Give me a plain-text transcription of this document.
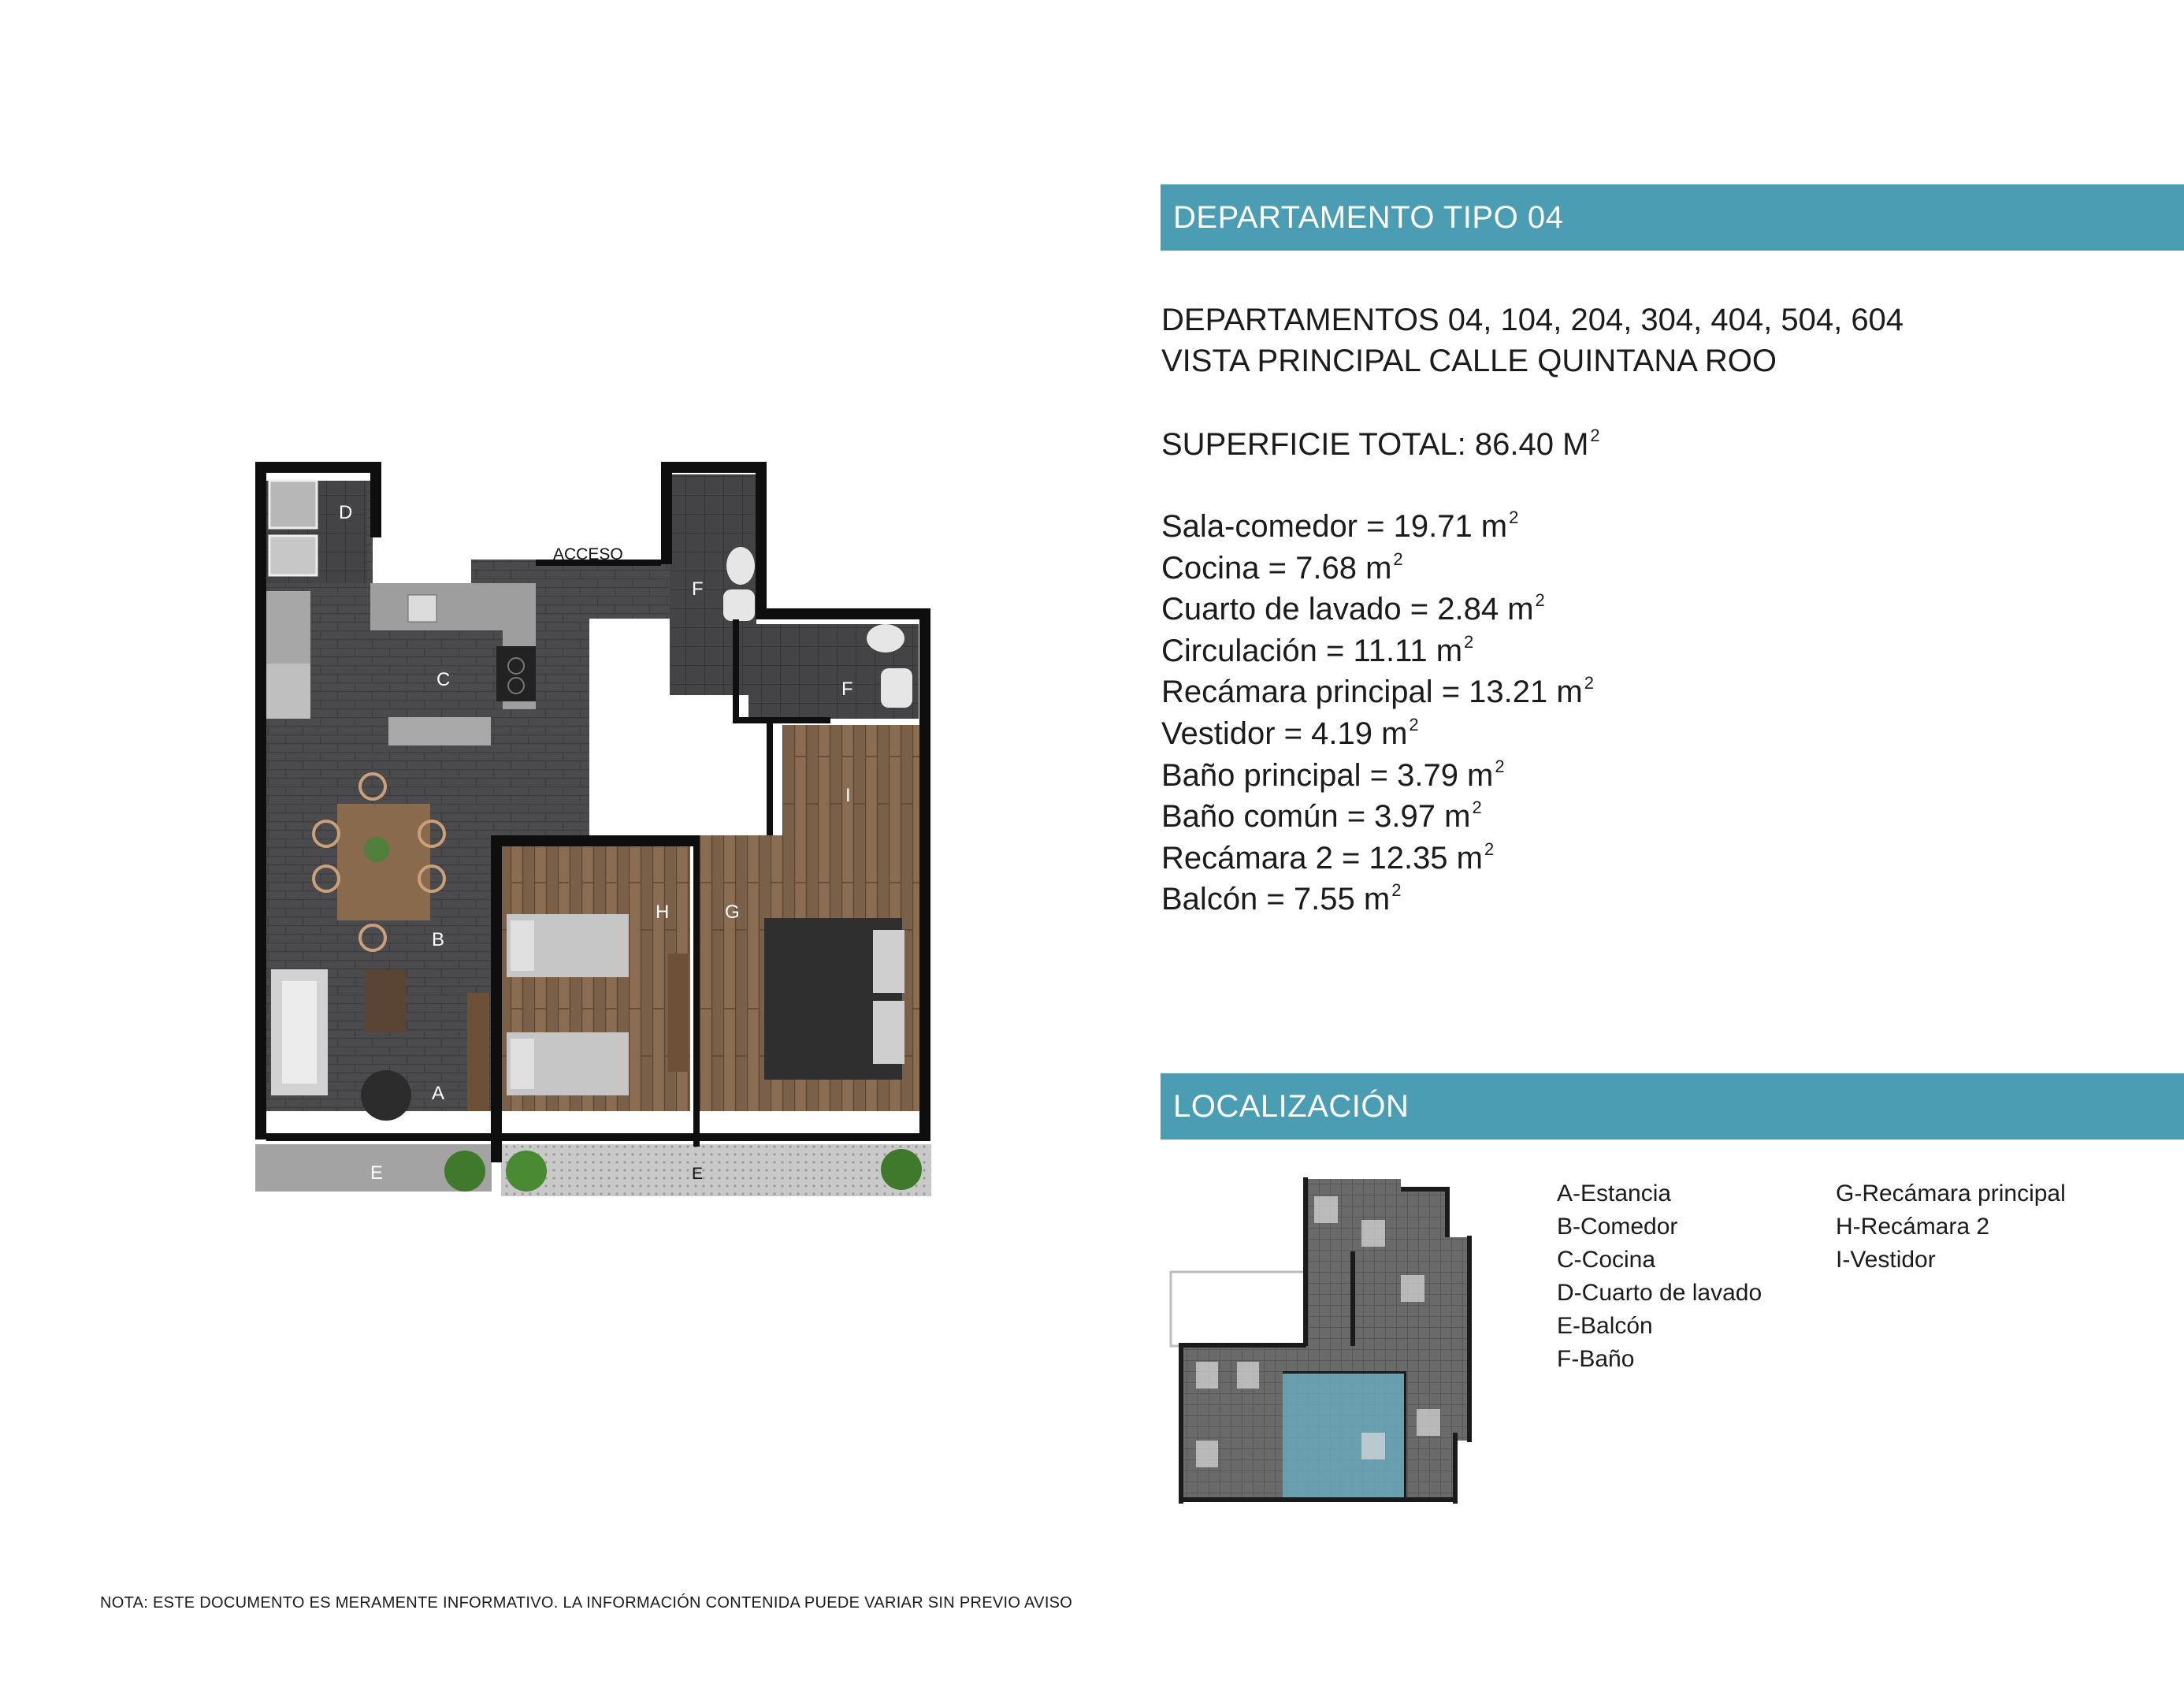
D
ACCESO
F
C	F
I
H	G
B
A
E	E
DEPARTAMENTO TIPO 04
DEPARTAMENTOS 04, 104, 204, 304, 404, 504, 604
VISTA PRINCIPAL CALLE QUINTANA ROO
SUPERFICIE TOTAL: 86.40 $M^2$
Sala-comedor = 19.71 $m^2$
Cocina = 7.68 $m^2$
Cuarto de lavado = 2.84 $m^2$
Circulación = 11.11 $m^2$
Recámara principal = 13.21 $m^2$
Vestidor = 4.19 $m^2$
Baño principal = 3.79 $m^2$
Baño común = 3.97 $m^2$
Recámara 2 = 12.35 $m^2$
Balcón = 7.55 $m^2$
LOCALIZACIÓN
A-Estancia
B-Comedor
C-Cocina
D-Cuarto de lavado
E-Balcón
F-Baño
G-Recámara principal
H-Recámara 2
I-Vestidor
NOTA: ESTE DOCUMENTO ES MERAMENTE INFORMATIVO. LA INFORMACIÓN CONTENIDA PUEDE VARIAR SIN PREVIO AVISO
